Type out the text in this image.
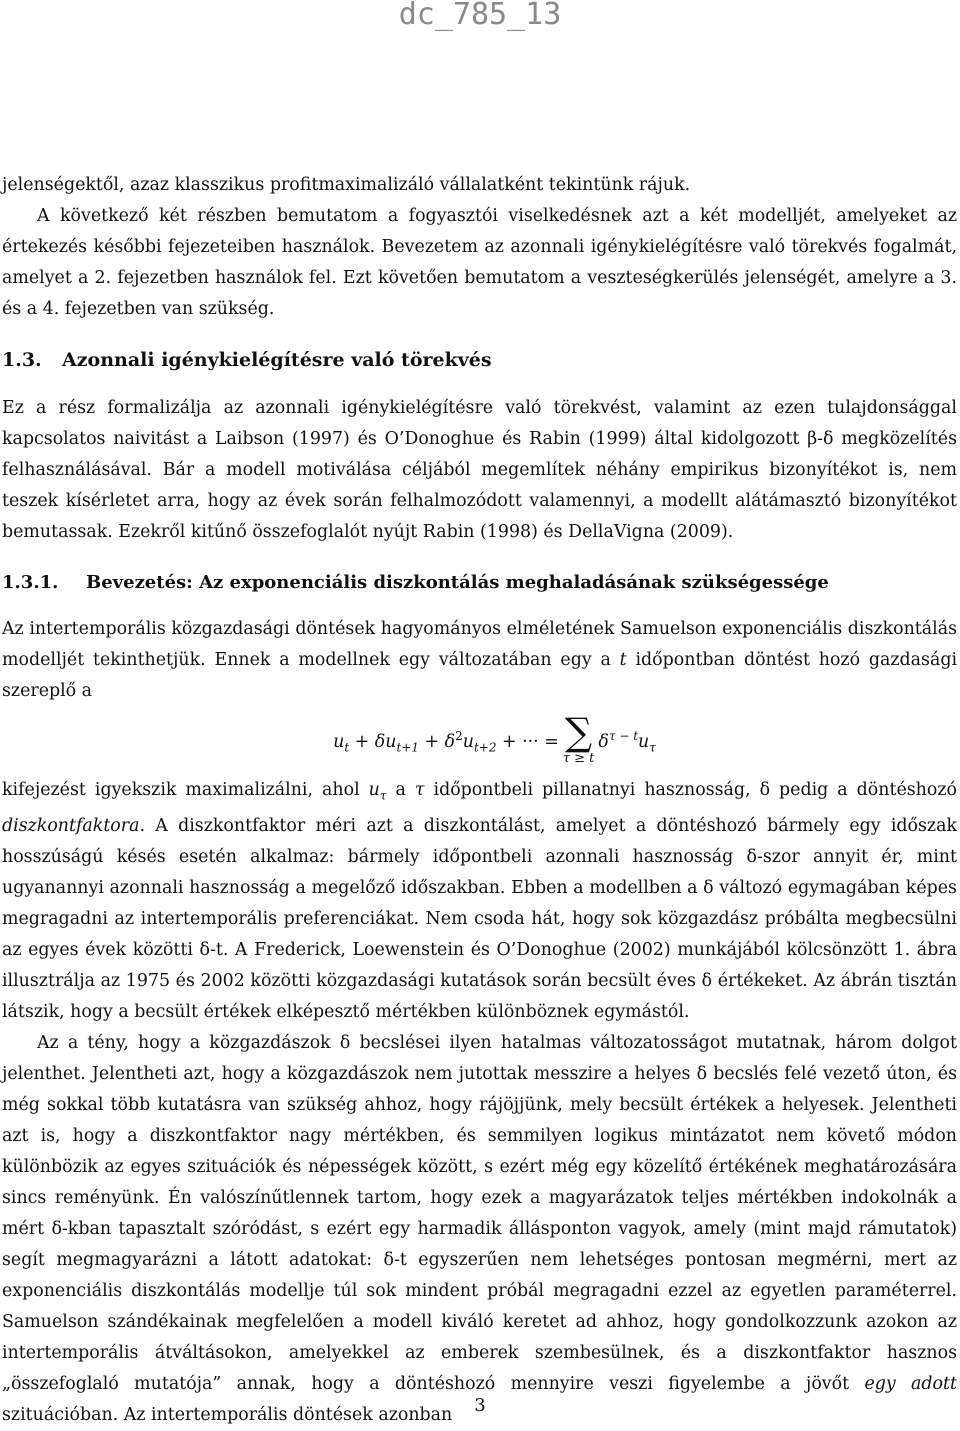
dc_785_13

jelenségektől, azaz klasszikus profitmaximalizáló vállalatként tekintünk rájuk.

A következő két részben bemutatom a fogyasztói viselkedésnek azt a két modelljét, amelyeket az értekezés későbbi fejezeteiben használok. Bevezetem az azonnali igénykielégítésre való törekvés fogalmát, amelyet a 2. fejezetben használok fel. Ezt követően bemutatom a veszteségkerülés jelenségét, amelyre a 3. és a 4. fejezetben van szükség.

1.3. Azonnali igénykielégítésre való törekvés

Ez a rész formalizálja az azonnali igénykielégítésre való törekvést, valamint az ezen tulajdonsággal kapcsolatos naivitást a Laibson (1997) és O’Donoghue és Rabin (1999) által kidolgozott β-δ megközelítés felhasználásával. Bár a modell motiválása céljából megemlítek néhány empirikus bizonyítékot is, nem teszek kísérletet arra, hogy az évek során felhalmozódott valamennyi, a modellt alátámasztó bizonyítékot bemutassak. Ezekről kitűnő összefoglalót nyújt Rabin (1998) és DellaVigna (2009).

1.3.1. Bevezetés: Az exponenciális diszkontálás meghaladásának szükségessége

Az intertemporális közgazdasági döntések hagyományos elméletének Samuelson exponenciális diszkontálás modelljét tekinthetjük. Ennek a modellnek egy változatában egy a t időpontban döntést hozó gazdasági szereplő a

$u_t + \delta u_{t+1} + \delta^2u_{t+2}$ + ··· = ∑
τ ≥ t
$\delta^{\tau - t}u_\tau$

kifejezést igyekszik maximalizálni, ahol $u_\tau$ a τ időpontbeli pillanatnyi hasznosság, δ pedig a döntéshozó diszkontfaktora. A diszkontfaktor méri azt a diszkontálást, amelyet a döntéshozó bármely egy időszak hosszúságú késés esetén alkalmaz: bármely időpontbeli azonnali hasznosság δ-szor annyit ér, mint ugyanannyi azonnali hasznosság a megelőző időszakban. Ebben a modellben a δ változó egymagában képes megragadni az intertemporális preferenciákat. Nem csoda hát, hogy sok közgazdász próbálta megbecsülni az egyes évek közötti δ-t. A Frederick, Loewenstein és O’Donoghue (2002) munkájából kölcsönzött 1. ábra illusztrálja az 1975 és 2002 közötti közgazdasági kutatások során becsült éves δ értékeket. Az ábrán tisztán látszik, hogy a becsült értékek elképesztő mértékben különböznek egymástól.

Az a tény, hogy a közgazdászok δ becslései ilyen hatalmas változatosságot mutatnak, három dolgot jelenthet. Jelentheti azt, hogy a közgazdászok nem jutottak messzire a helyes δ becslés felé vezető úton, és még sokkal több kutatásra van szükség ahhoz, hogy rájöjjünk, mely becsült értékek a helyesek. Jelentheti azt is, hogy a diszkontfaktor nagy mértékben, és semmilyen logikus mintázatot nem követő módon különbözik az egyes szituációk és népességek között, s ezért még egy közelítő értékének meghatározására sincs reményünk. Én valószínűtlennek tartom, hogy ezek a magyarázatok teljes mértékben indokolnák a mért δ-kban tapasztalt szóródást, s ezért egy harmadik állásponton vagyok, amely (mint majd rámutatok) segít megmagyarázni a látott adatokat: δ-t egyszerűen nem lehetséges pontosan megmérni, mert az exponenciális diszkontálás modellje túl sok mindent próbál megragadni ezzel az egyetlen paraméterrel. Samuelson szándékainak megfelelően a modell kiváló keretet ad ahhoz, hogy gondolkozzunk azokon az intertemporális átváltásokon, amelyekkel az emberek szembesülnek, és a diszkontfaktor hasznos „összefoglaló mutatója” annak, hogy a döntéshozó mennyire veszi figyelembe a jövőt egy adott szituációban. Az intertemporális döntések azonban	3
